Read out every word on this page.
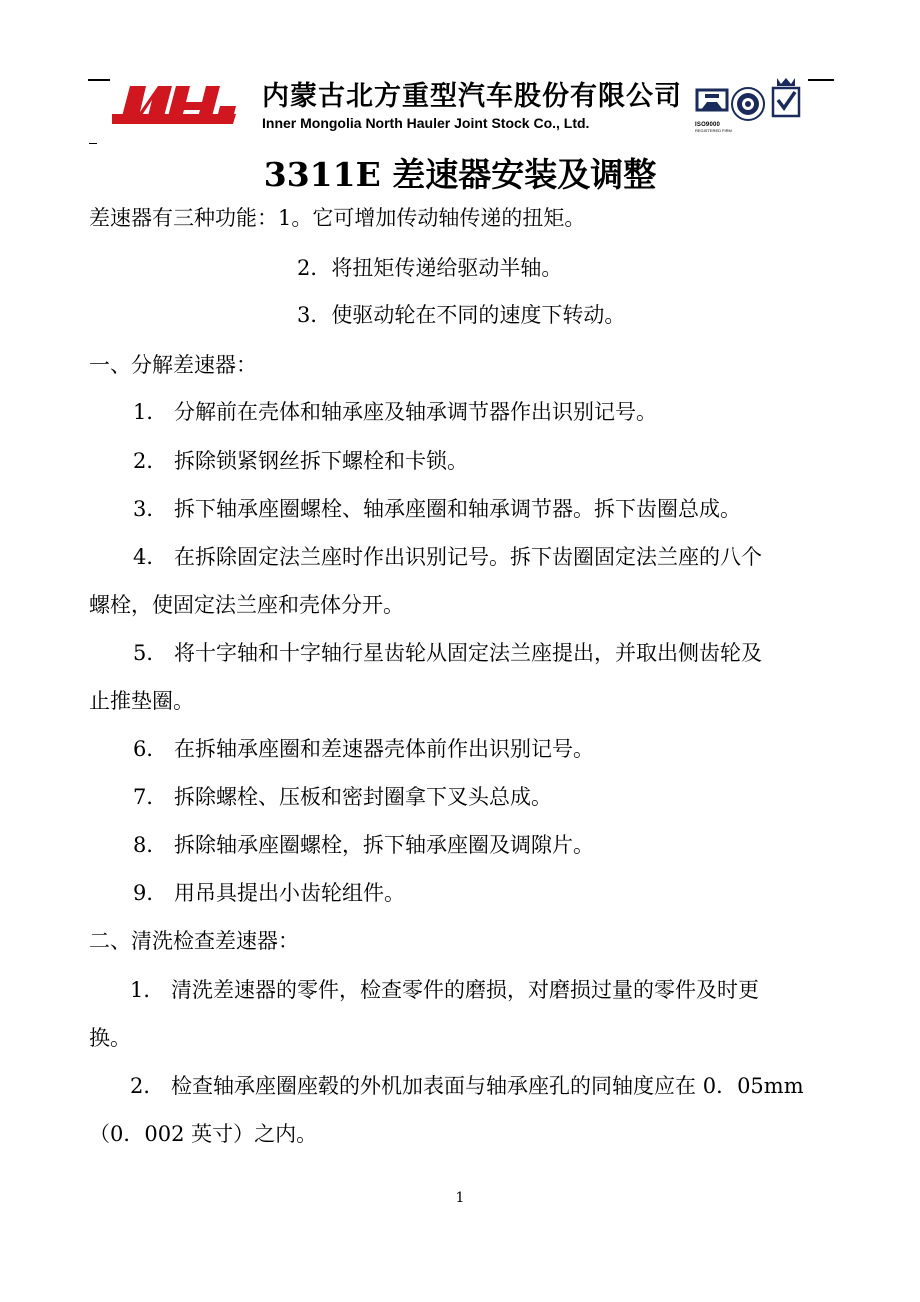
内蒙古北方重型汽车股份有限公司
Inner Mongolia North Hauler Joint Stock Co., Ltd.	ISO9000
REGISTERED FIRM
3311E 差速器安装及调整
差速器有三种功能：1。它可增加传动轴传递的扭矩。
2．将扭矩传递给驱动半轴。
3．使驱动轮在不同的速度下转动。
一、分解差速器：
1． 分解前在壳体和轴承座及轴承调节器作出识别记号。
2． 拆除锁紧钢丝拆下螺栓和卡锁。
3． 拆下轴承座圈螺栓、轴承座圈和轴承调节器。拆下齿圈总成。
4． 在拆除固定法兰座时作出识别记号。拆下齿圈固定法兰座的八个
螺栓，使固定法兰座和壳体分开。
5． 将十字轴和十字轴行星齿轮从固定法兰座提出，并取出侧齿轮及
止推垫圈。
6． 在拆轴承座圈和差速器壳体前作出识别记号。
7． 拆除螺栓、压板和密封圈拿下叉头总成。
8． 拆除轴承座圈螺栓，拆下轴承座圈及调隙片。
9． 用吊具提出小齿轮组件。
二、清洗检查差速器：
1． 清洗差速器的零件，检查零件的磨损，对磨损过量的零件及时更
换。
2． 检查轴承座圈座毂的外机加表面与轴承座孔的同轴度应在 0．05mm
（0．002 英寸）之内。
1
